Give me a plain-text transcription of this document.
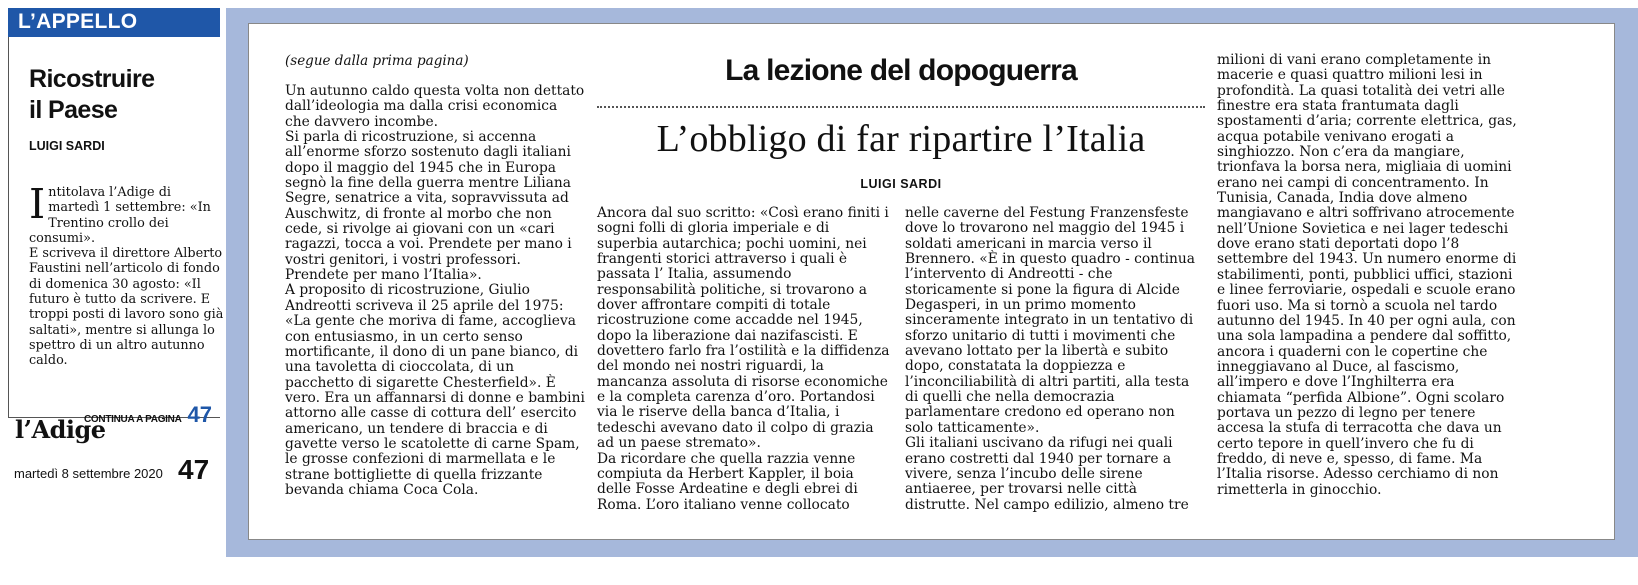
L’APPELLO
Ricostruire
il Paese
LUIGI SARDI
Intitolava l’Adige di martedì 1 settembre: «In Trentino crollo dei consumi».
E scriveva il direttore Alberto Faustini nell’articolo di fondo di domenica 30 agosto: «Il futuro è tutto da scrivere. E troppi posti di lavoro sono già saltati», mentre si allunga lo spettro di un altro autunno caldo.
CONTINUA A PAGINA 47
l’Adige
martedì 8 settembre 2020 47
(segue dalla prima pagina)
Un autunno caldo questa volta non dettato dall’ideologia ma dalla crisi economica che davvero incombe.
Si parla di ricostruzione, si accenna all’enorme sforzo sostenuto dagli italiani dopo il maggio del 1945 che in Europa segnò la fine della guerra mentre Liliana Segre, senatrice a vita, sopravvissuta ad Auschwitz, di fronte al morbo che non cede, si rivolge ai giovani con un «cari ragazzi, tocca a voi. Prendete per mano i vostri genitori, i vostri professori. Prendete per mano l’Italia».
A proposito di ricostruzione, Giulio Andreotti scriveva il 25 aprile del 1975: «La gente che moriva di fame, accoglieva con entusiasmo, in un certo senso mortificante, il dono di un pane bianco, di una tavoletta di cioccolata, di un pacchetto di sigarette Chesterfield». È vero. Era un affannarsi di donne e bambini attorno alle casse di cottura dell’ esercito americano, un tendere di braccia e di gavette verso le scatolette di carne Spam, le grosse confezioni di marmellata e le strane bottigliette di quella frizzante bevanda chiama Coca Cola.
La lezione del dopoguerra
L’obbligo di far ripartire l’Italia
LUIGI SARDI
Ancora dal suo scritto: «Così erano finiti i sogni folli di gloria imperiale e di superbia autarchica; pochi uomini, nei frangenti storici attraverso i quali è passata l’ Italia, assumendo responsabilità politiche, si trovarono a dover affrontare compiti di totale ricostruzione come accadde nel 1945, dopo la liberazione dai nazifascisti. E dovettero farlo fra l’ostilità e la diffidenza del mondo nei nostri riguardi, la mancanza assoluta di risorse economiche e la completa carenza d’oro. Portandosi via le riserve della banca d’Italia, i tedeschi avevano dato il colpo di grazia ad un paese stremato».
Da ricordare che quella razzia venne compiuta da Herbert Kappler, il boia delle Fosse Ardeatine e degli ebrei di Roma. L’oro italiano venne collocato
nelle caverne del Festung Franzensfeste dove lo trovarono nel maggio del 1945 i soldati americani in marcia verso il Brennero. «È in questo quadro - continua l’intervento di Andreotti - che storicamente si pone la figura di Alcide Degasperi, in un primo momento sinceramente integrato in un tentativo di sforzo unitario di tutti i movimenti che avevano lottato per la libertà e subito dopo, constatata la doppiezza e l’inconciliabilità di altri partiti, alla testa di quelli che nella democrazia parlamentare credono ed operano non solo tatticamente».
Gli italiani uscivano da rifugi nei quali erano costretti dal 1940 per tornare a vivere, senza l’incubo delle sirene antiaeree, per trovarsi nelle città distrutte. Nel campo edilizio, almeno tre
milioni di vani erano completamente in macerie e quasi quattro milioni lesi in profondità. La quasi totalità dei vetri alle finestre era stata frantumata dagli spostamenti d’aria; corrente elettrica, gas, acqua potabile venivano erogati a singhiozzo. Non c’era da mangiare, trionfava la borsa nera, migliaia di uomini erano nei campi di concentramento. In Tunisia, Canada, India dove almeno mangiavano e altri soffrivano atrocemente nell’Unione Sovietica e nei lager tedeschi dove erano stati deportati dopo l’8 settembre del 1943. Un numero enorme di stabilimenti, ponti, pubblici uffici, stazioni e linee ferroviarie, ospedali e scuole erano fuori uso. Ma si tornò a scuola nel tardo autunno del 1945. In 40 per ogni aula, con una sola lampadina a pendere dal soffitto, ancora i quaderni con le copertine che inneggiavano al Duce, al fascismo, all’impero e dove l’Inghilterra era chiamata “perfida Albione”. Ogni scolaro portava un pezzo di legno per tenere accesa la stufa di terracotta che dava un certo tepore in quell’invero che fu di freddo, di neve e, spesso, di fame. Ma l’Italia risorse. Adesso cerchiamo di non rimetterla in ginocchio.
